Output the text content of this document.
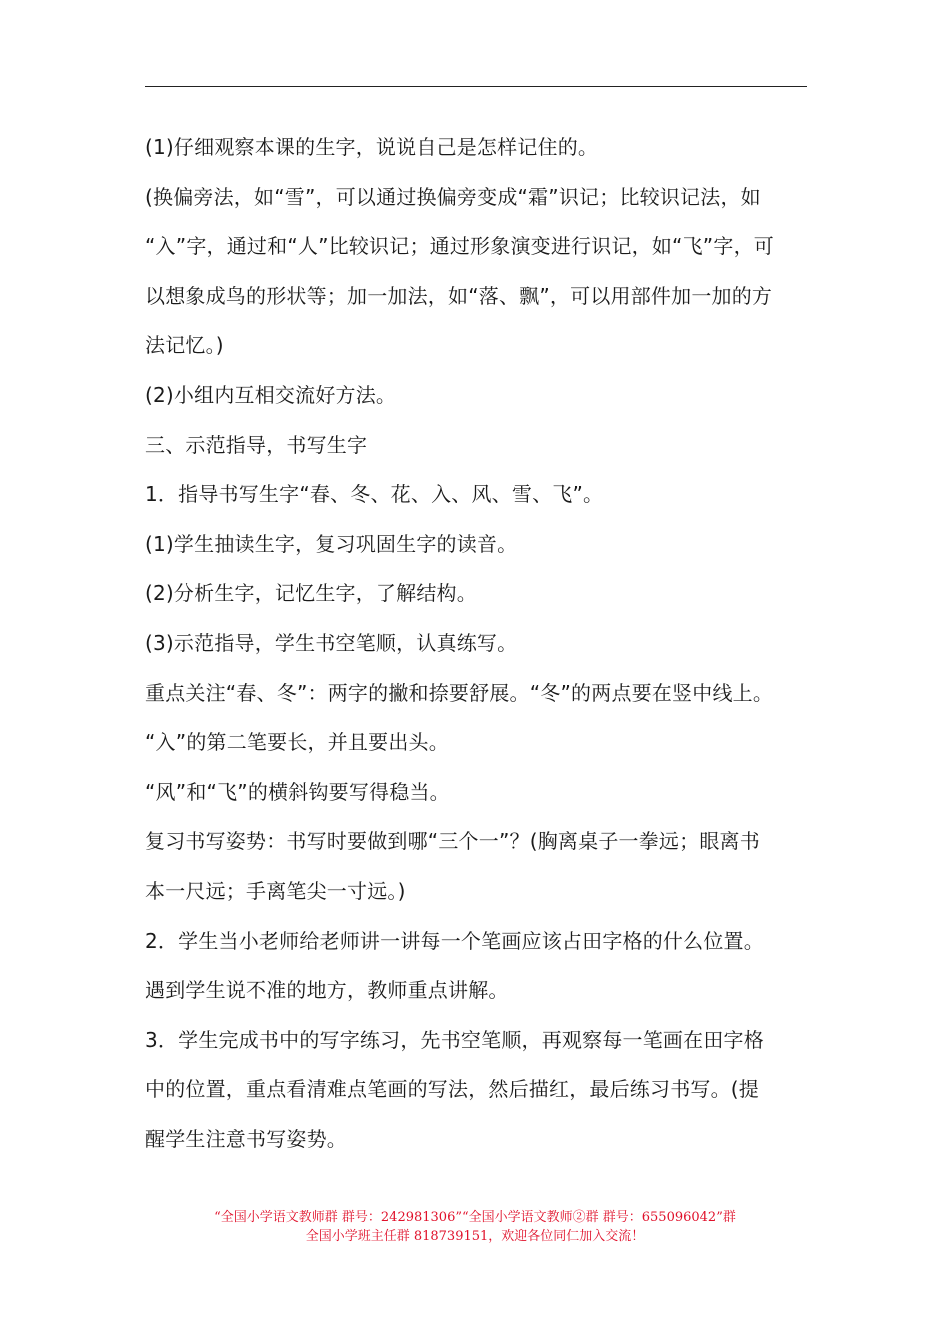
(1)仔细观察本课的生字，说说自己是怎样记住的。
(换偏旁法，如“雪”，可以通过换偏旁变成“霜”识记；比较识记法，如
“入”字，通过和“人”比较识记；通过形象演变进行识记，如“飞”字，可
以想象成鸟的形状等；加一加法，如“落、飘”，可以用部件加一加的方
法记忆。)
(2)小组内互相交流好方法。
三、示范指导，书写生字
1．指导书写生字“春、冬、花、入、风、雪、飞”。
(1)学生抽读生字，复习巩固生字的读音。
(2)分析生字，记忆生字，了解结构。
(3)示范指导，学生书空笔顺，认真练写。
重点关注“春、冬”：两字的撇和捺要舒展。“冬”的两点要在竖中线上。
“入”的第二笔要长，并且要出头。
“风”和“飞”的横斜钩要写得稳当。
复习书写姿势：书写时要做到哪“三个一”？(胸离桌子一拳远；眼离书
本一尺远；手离笔尖一寸远。)
2．学生当小老师给老师讲一讲每一个笔画应该占田字格的什么位置。
遇到学生说不准的地方，教师重点讲解。
3．学生完成书中的写字练习，先书空笔顺，再观察每一笔画在田字格
中的位置，重点看清难点笔画的写法，然后描红，最后练习书写。(提
醒学生注意书写姿势。
“全国小学语文教师群 群号：242981306”“全国小学语文教师②群 群号：655096042”群
全国小学班主任群 818739151，欢迎各位同仁加入交流！
